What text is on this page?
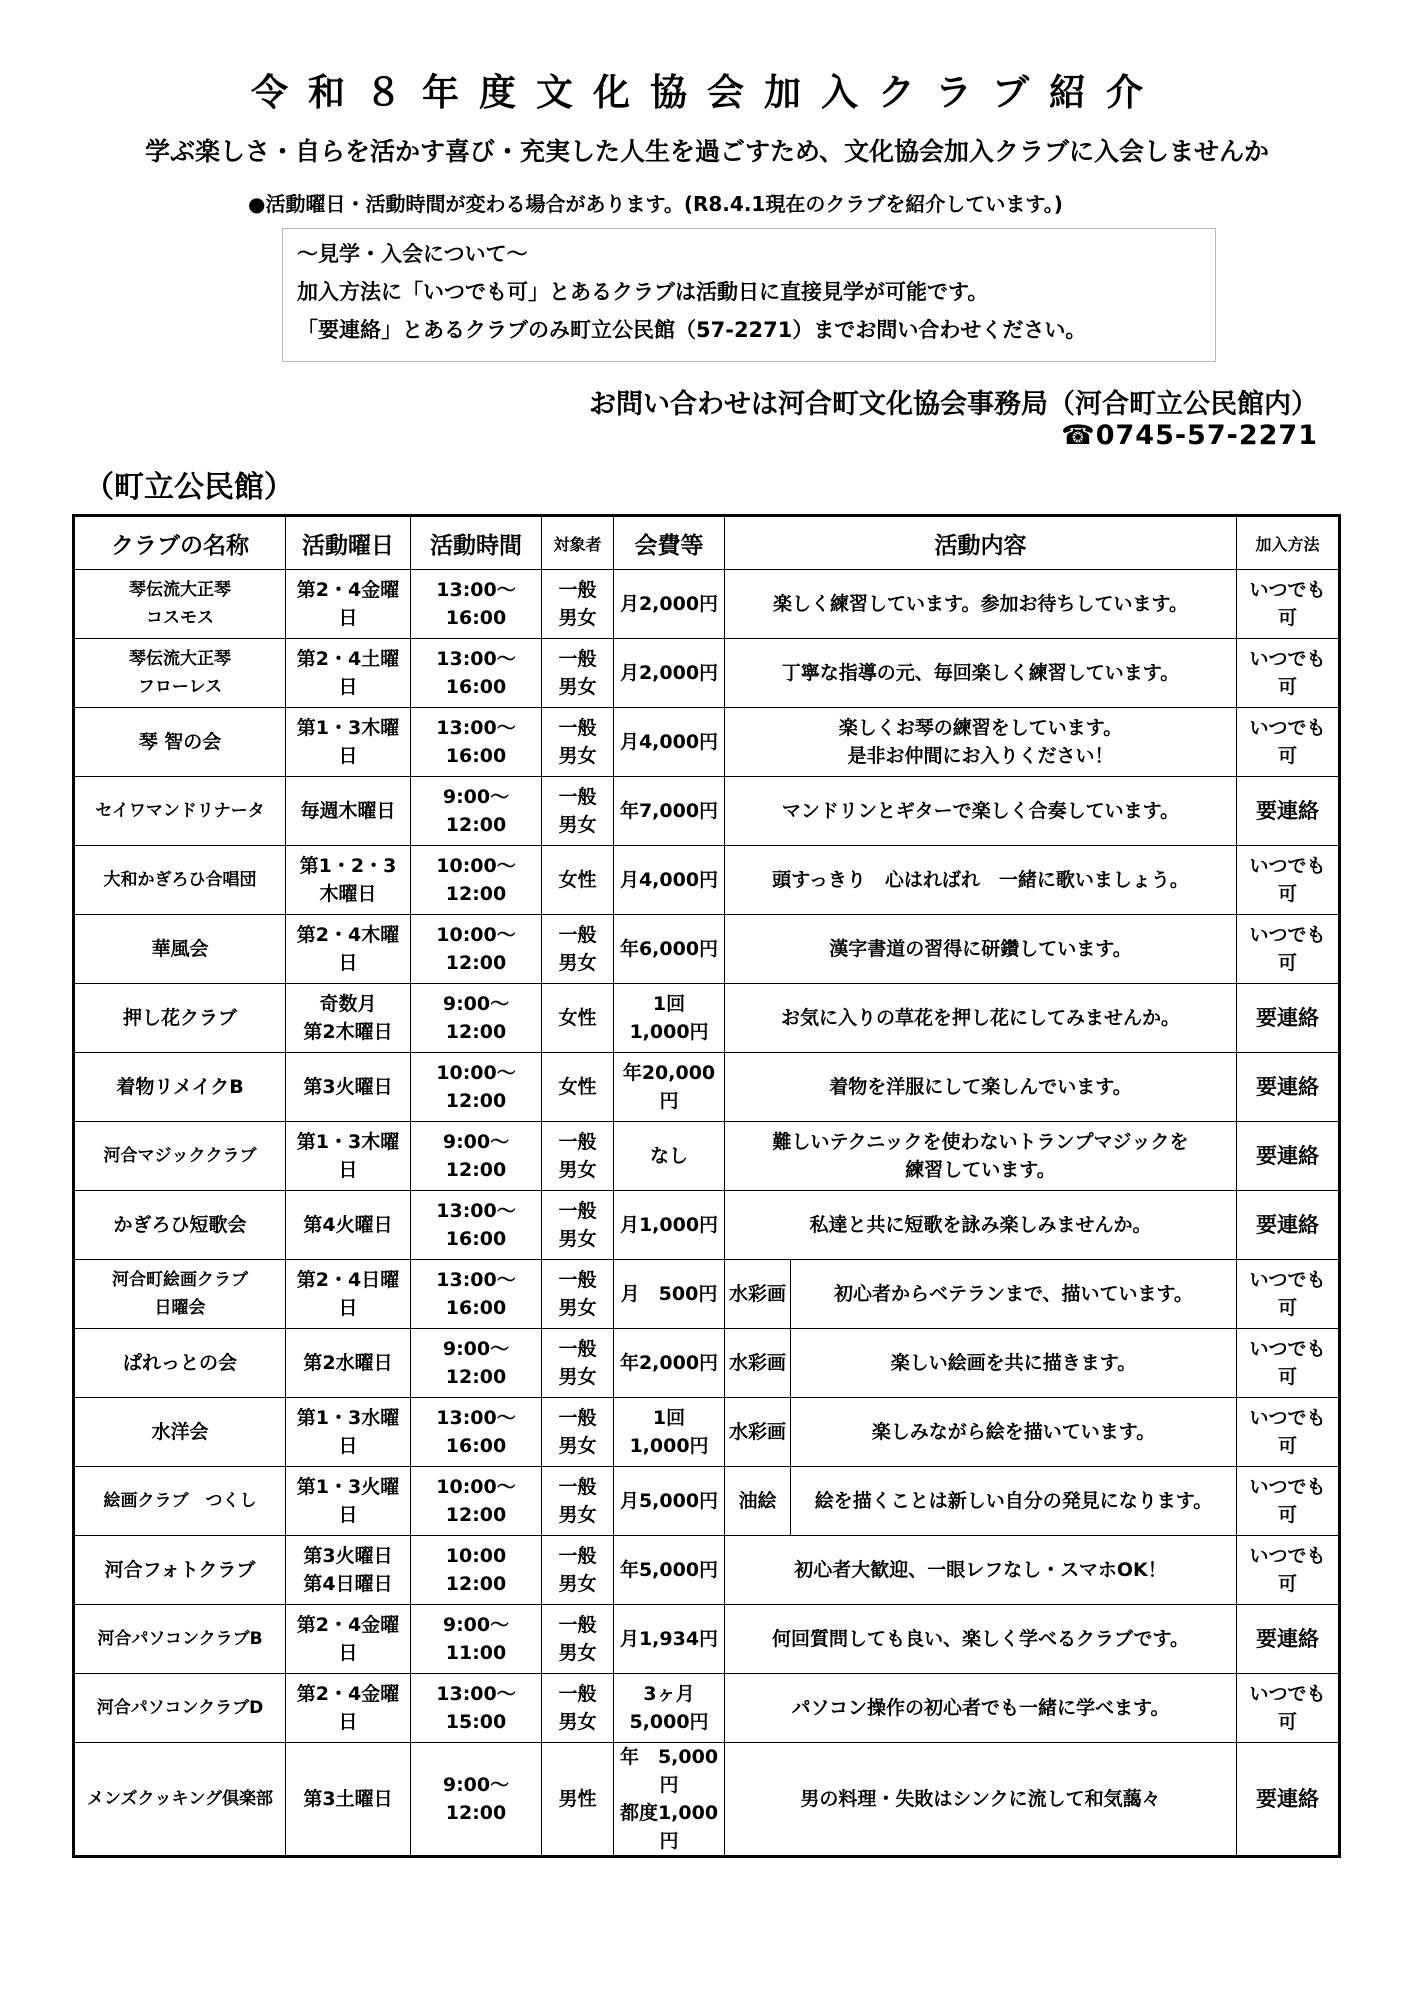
令和８年度文化協会加入クラブ紹介
学ぶ楽しさ・自らを活かす喜び・充実した人生を過ごすため、文化協会加入クラブに入会しませんか
●活動曜日・活動時間が変わる場合があります。(R8.4.1現在のクラブを紹介しています。)
～見学・入会について～
加入方法に「いつでも可」とあるクラブは活動日に直接見学が可能です。
「要連絡」とあるクラブのみ町立公民館（57-2271）までお問い合わせください。
お問い合わせは河合町文化協会事務局（河合町立公民館内）
☎0745-57-2271
（町立公民館）
クラブの名称	活動曜日	活動時間	対象者	会費等	活動内容		加入方法

琴伝流大正琴
コスモス	第2・4金曜日	13:00～
16:00	一般
男女	月2,000円	楽しく練習しています。参加お待ちしています。		いつでも可

琴伝流大正琴
フローレス	第2・4土曜日	13:00～
16:00	一般
男女	月2,000円	丁寧な指導の元、毎回楽しく練習しています。		いつでも可

琴 智の会	第1・3木曜日	13:00～
16:00	一般
男女	月4,000円	楽しくお琴の練習をしています。
是非お仲間にお入りください！		いつでも可

セイワマンドリナータ	毎週木曜日	9:00～
12:00	一般
男女	年7,000円	マンドリンとギターで楽しく合奏しています。		要連絡

大和かぎろひ合唱団	第1・2・3
木曜日	10:00～
12:00	女性	月4,000円	頭すっきり　心はればれ　一緒に歌いましょう。		いつでも可

華風会	第2・4木曜日	10:00～
12:00	一般
男女	年6,000円	漢字書道の習得に研鑽しています。		いつでも可

押し花クラブ	奇数月
第2木曜日	9:00～
12:00	女性	1回　1,000円	お気に入りの草花を押し花にしてみませんか。		要連絡

着物リメイクB	第3火曜日	10:00～
12:00	女性	年20,000円	着物を洋服にして楽しんでいます。		要連絡

河合マジッククラブ	第1・3木曜日	9:00～
12:00	一般
男女	なし	難しいテクニックを使わないトランプマジックを
練習しています。		要連絡

かぎろひ短歌会	第4火曜日	13:00～
16:00	一般
男女	月1,000円	私達と共に短歌を詠み楽しみませんか。		要連絡

河合町絵画クラブ
日曜会	第2・4日曜日	13:00～
16:00	一般
男女	月　500円	水彩画	初心者からベテランまで、描いています。	いつでも可

ぱれっとの会	第2水曜日	9:00～
12:00	一般
男女	年2,000円	水彩画	楽しい絵画を共に描きます。	いつでも可

水洋会	第1・3水曜日	13:00～
16:00	一般
男女	1回　1,000円	水彩画	楽しみながら絵を描いています。	いつでも可

絵画クラブ　つくし	第1・3火曜日	10:00～
12:00	一般
男女	月5,000円	油絵	絵を描くことは新しい自分の発見になります。	いつでも可

河合フォトクラブ	第3火曜日
第4日曜日	10:00
12:00	一般
男女	年5,000円	初心者大歓迎、一眼レフなし・スマホOK！		いつでも可

河合パソコンクラブB	第2・4金曜日	9:00～
11:00	一般
男女	月1,934円	何回質問しても良い、楽しく学べるクラブです。		要連絡

河合パソコンクラブD	第2・4金曜日	13:00～
15:00	一般
男女	3ヶ月
5,000円	パソコン操作の初心者でも一緒に学べます。		いつでも可

メンズクッキング倶楽部	第3土曜日	9:00～
12:00	男性	年　5,000円
都度1,000円	男の料理・失敗はシンクに流して和気藹々		要連絡
